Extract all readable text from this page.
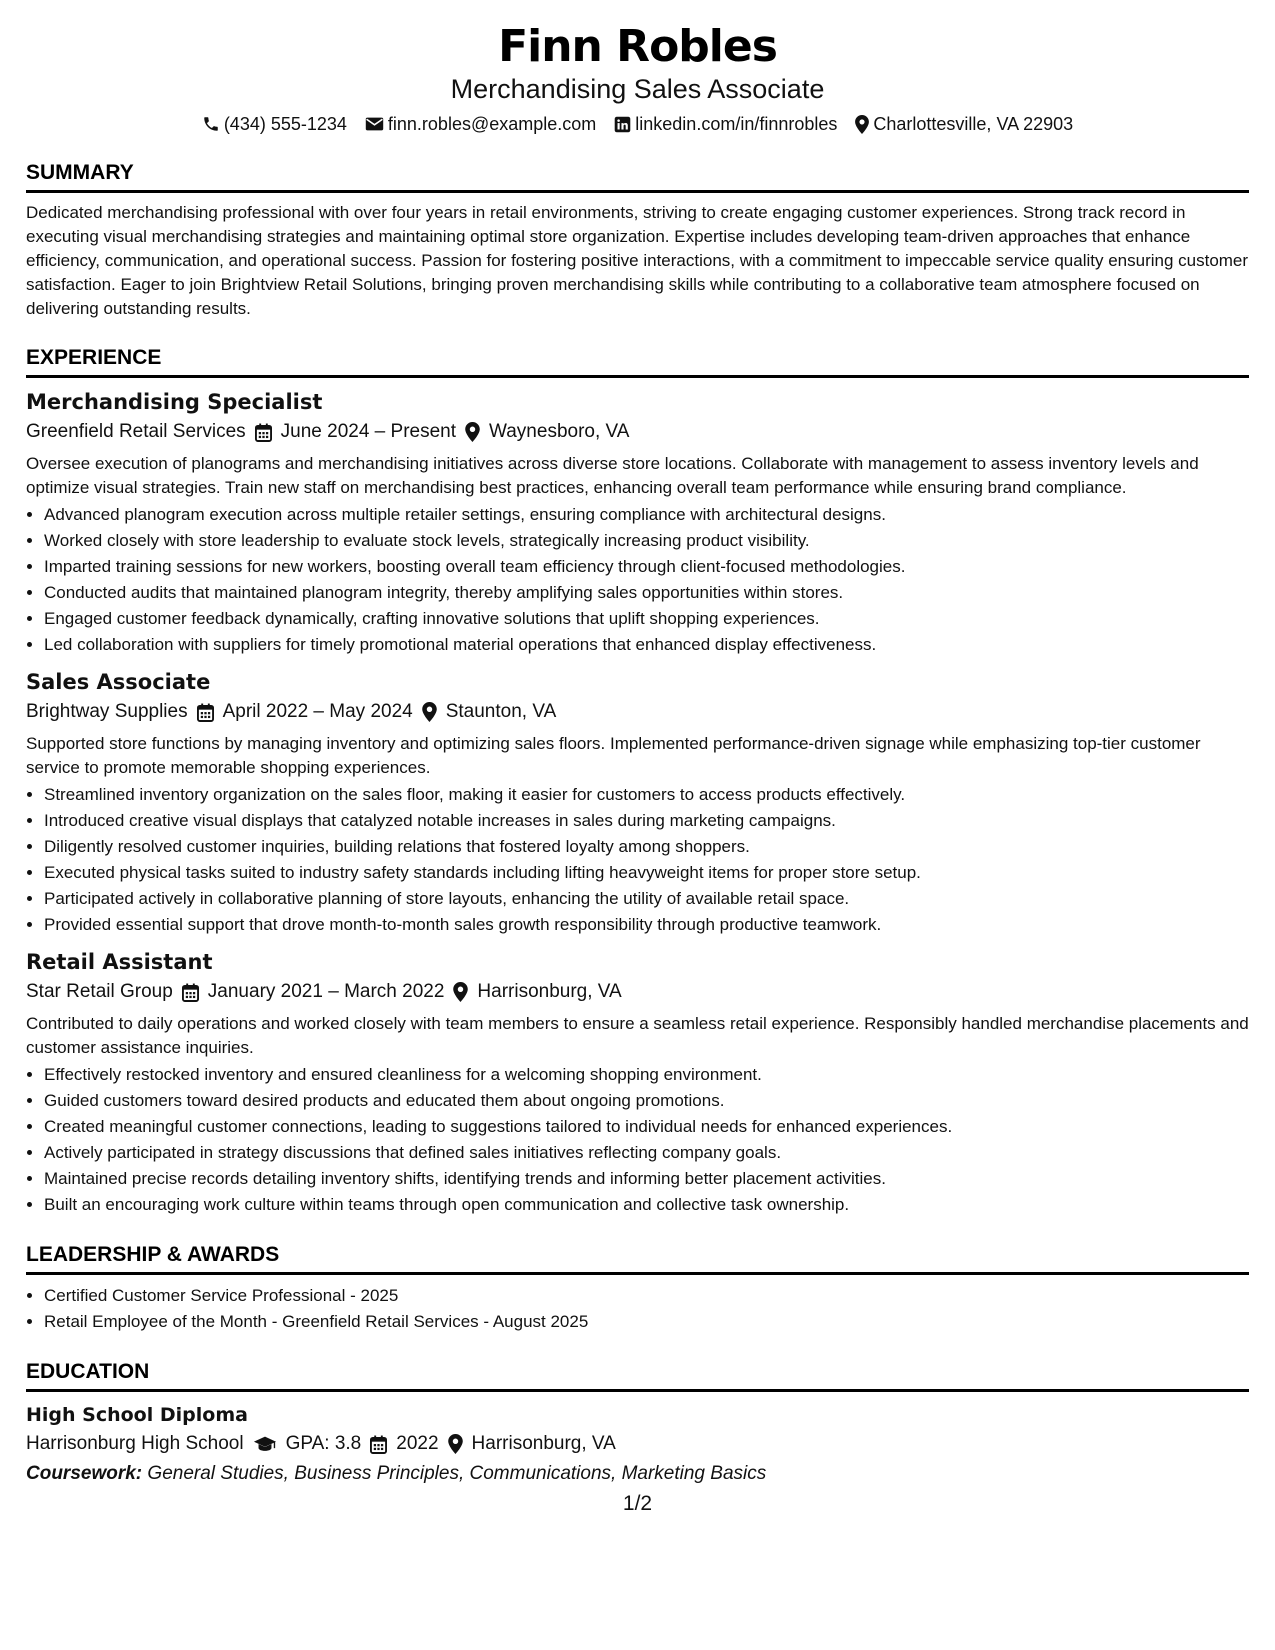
Finn Robles
Merchandising Sales Associate
(434) 555-1234 finn.robles@example.com linkedin.com/in/finnrobles Charlottesville, VA 22903
SUMMARY
Dedicated merchandising professional with over four years in retail environments, striving to create engaging customer experiences. Strong track record in executing visual merchandising strategies and maintaining optimal store organization. Expertise includes developing team-driven approaches that enhance efficiency, communication, and operational success. Passion for fostering positive interactions, with a commitment to impeccable service quality ensuring customer satisfaction. Eager to join Brightview Retail Solutions, bringing proven merchandising skills while contributing to a collaborative team atmosphere focused on delivering outstanding results.
EXPERIENCE
Merchandising Specialist
Greenfield Retail Services June 2024 – Present Waynesboro, VA
Oversee execution of planograms and merchandising initiatives across diverse store locations. Collaborate with management to assess inventory levels and optimize visual strategies. Train new staff on merchandising best practices, enhancing overall team performance while ensuring brand compliance.
• Advanced planogram execution across multiple retailer settings, ensuring compliance with architectural designs.
• Worked closely with store leadership to evaluate stock levels, strategically increasing product visibility.
• Imparted training sessions for new workers, boosting overall team efficiency through client-focused methodologies.
• Conducted audits that maintained planogram integrity, thereby amplifying sales opportunities within stores.
• Engaged customer feedback dynamically, crafting innovative solutions that uplift shopping experiences.
• Led collaboration with suppliers for timely promotional material operations that enhanced display effectiveness.
Sales Associate
Brightway Supplies April 2022 – May 2024 Staunton, VA
Supported store functions by managing inventory and optimizing sales floors. Implemented performance-driven signage while emphasizing top-tier customer service to promote memorable shopping experiences.
• Streamlined inventory organization on the sales floor, making it easier for customers to access products effectively.
• Introduced creative visual displays that catalyzed notable increases in sales during marketing campaigns.
• Diligently resolved customer inquiries, building relations that fostered loyalty among shoppers.
• Executed physical tasks suited to industry safety standards including lifting heavyweight items for proper store setup.
• Participated actively in collaborative planning of store layouts, enhancing the utility of available retail space.
• Provided essential support that drove month-to-month sales growth responsibility through productive teamwork.
Retail Assistant
Star Retail Group January 2021 – March 2022 Harrisonburg, VA
Contributed to daily operations and worked closely with team members to ensure a seamless retail experience. Responsibly handled merchandise placements and customer assistance inquiries.
• Effectively restocked inventory and ensured cleanliness for a welcoming shopping environment.
• Guided customers toward desired products and educated them about ongoing promotions.
• Created meaningful customer connections, leading to suggestions tailored to individual needs for enhanced experiences.
• Actively participated in strategy discussions that defined sales initiatives reflecting company goals.
• Maintained precise records detailing inventory shifts, identifying trends and informing better placement activities.
• Built an encouraging work culture within teams through open communication and collective task ownership.
LEADERSHIP & AWARDS
• Certified Customer Service Professional - 2025
• Retail Employee of the Month - Greenfield Retail Services - August 2025
EDUCATION
High School Diploma
Harrisonburg High School GPA: 3.8 2022 Harrisonburg, VA
Coursework: General Studies, Business Principles, Communications, Marketing Basics
1/2
